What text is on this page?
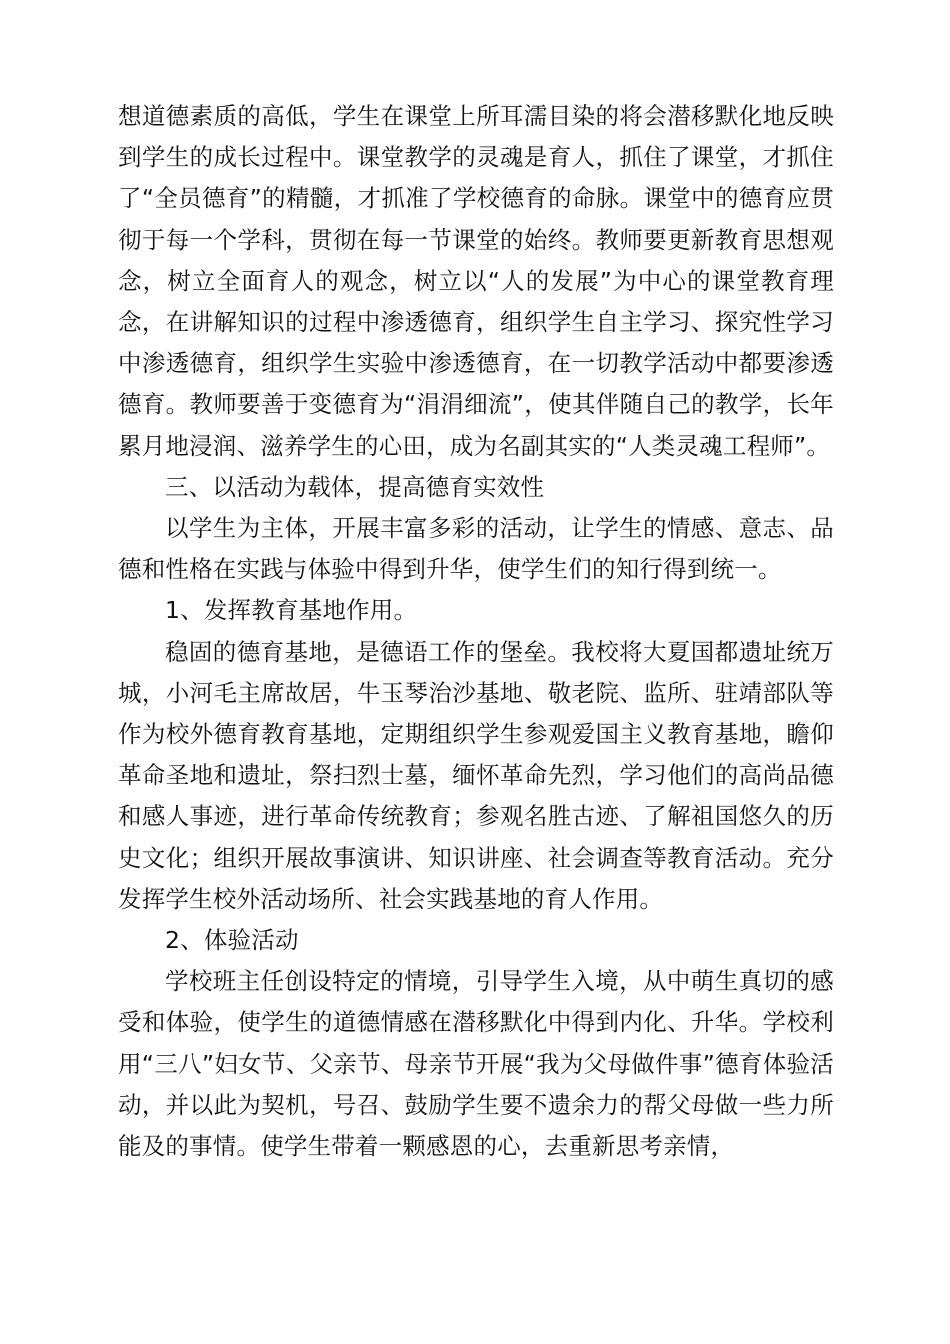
想道德素质的高低，学生在课堂上所耳濡目染的将会潜移默化地反映到学生的成长过程中。课堂教学的灵魂是育人，抓住了课堂，才抓住了“全员德育”的精髓，才抓准了学校德育的命脉。课堂中的德育应贯彻于每一个学科，贯彻在每一节课堂的始终。教师要更新教育思想观念，树立全面育人的观念，树立以“人的发展”为中心的课堂教育理念，在讲解知识的过程中渗透德育，组织学生自主学习、探究性学习中渗透德育，组织学生实验中渗透德育，在一切教学活动中都要渗透德育。教师要善于变德育为“涓涓细流”，使其伴随自己的教学，长年累月地浸润、滋养学生的心田，成为名副其实的“人类灵魂工程师”。

三、以活动为载体，提高德育实效性

以学生为主体，开展丰富多彩的活动，让学生的情感、意志、品德和性格在实践与体验中得到升华，使学生们的知行得到统一。

1、发挥教育基地作用。

稳固的德育基地，是德语工作的堡垒。我校将大夏国都遗址统万城，小河毛主席故居，牛玉琴治沙基地、敬老院、监所、驻靖部队等作为校外德育教育基地，定期组织学生参观爱国主义教育基地，瞻仰革命圣地和遗址，祭扫烈士墓，缅怀革命先烈，学习他们的高尚品德和感人事迹，进行革命传统教育；参观名胜古迹、了解祖国悠久的历史文化；组织开展故事演讲、知识讲座、社会调查等教育活动。充分发挥学生校外活动场所、社会实践基地的育人作用。

2、体验活动

学校班主任创设特定的情境，引导学生入境，从中萌生真切的感受和体验，使学生的道德情感在潜移默化中得到内化、升华。学校利用“三八”妇女节、父亲节、母亲节开展“我为父母做件事”德育体验活动，并以此为契机，号召、鼓励学生要不遗余力的帮父母做一些力所能及的事情。使学生带着一颗感恩的心，去重新思考亲情，
